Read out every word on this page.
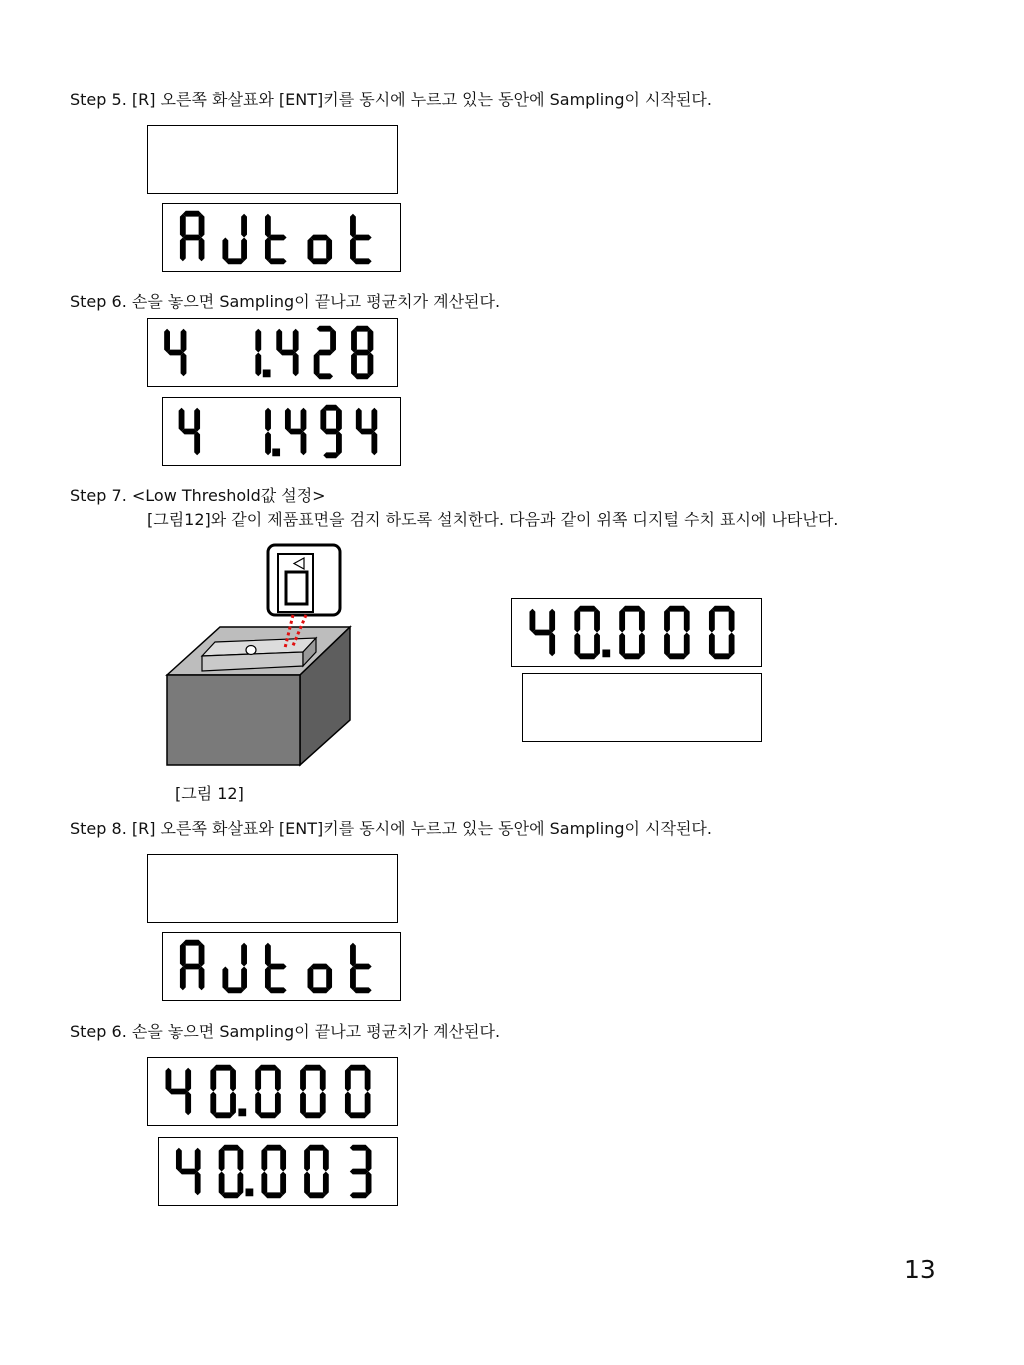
Step 5. [R] 오른쪽 화살표와 [ENT]키를 동시에 누르고 있는 동안에 Sampling이 시작된다.
Step 6. 손을 놓으면 Sampling이 끝나고 평균치가 계산된다.
Step 7. <Low Threshold값 설정>
[그림12]와 같이 제품표면을 검지 하도록 설치한다. 다음과 같이 위쪽 디지털 수치 표시에 나타난다.
[그림 12]
Step 8. [R] 오른쪽 화살표와 [ENT]키를 동시에 누르고 있는 동안에 Sampling이 시작된다.
Step 6. 손을 놓으면 Sampling이 끝나고 평균치가 계산된다.
13
